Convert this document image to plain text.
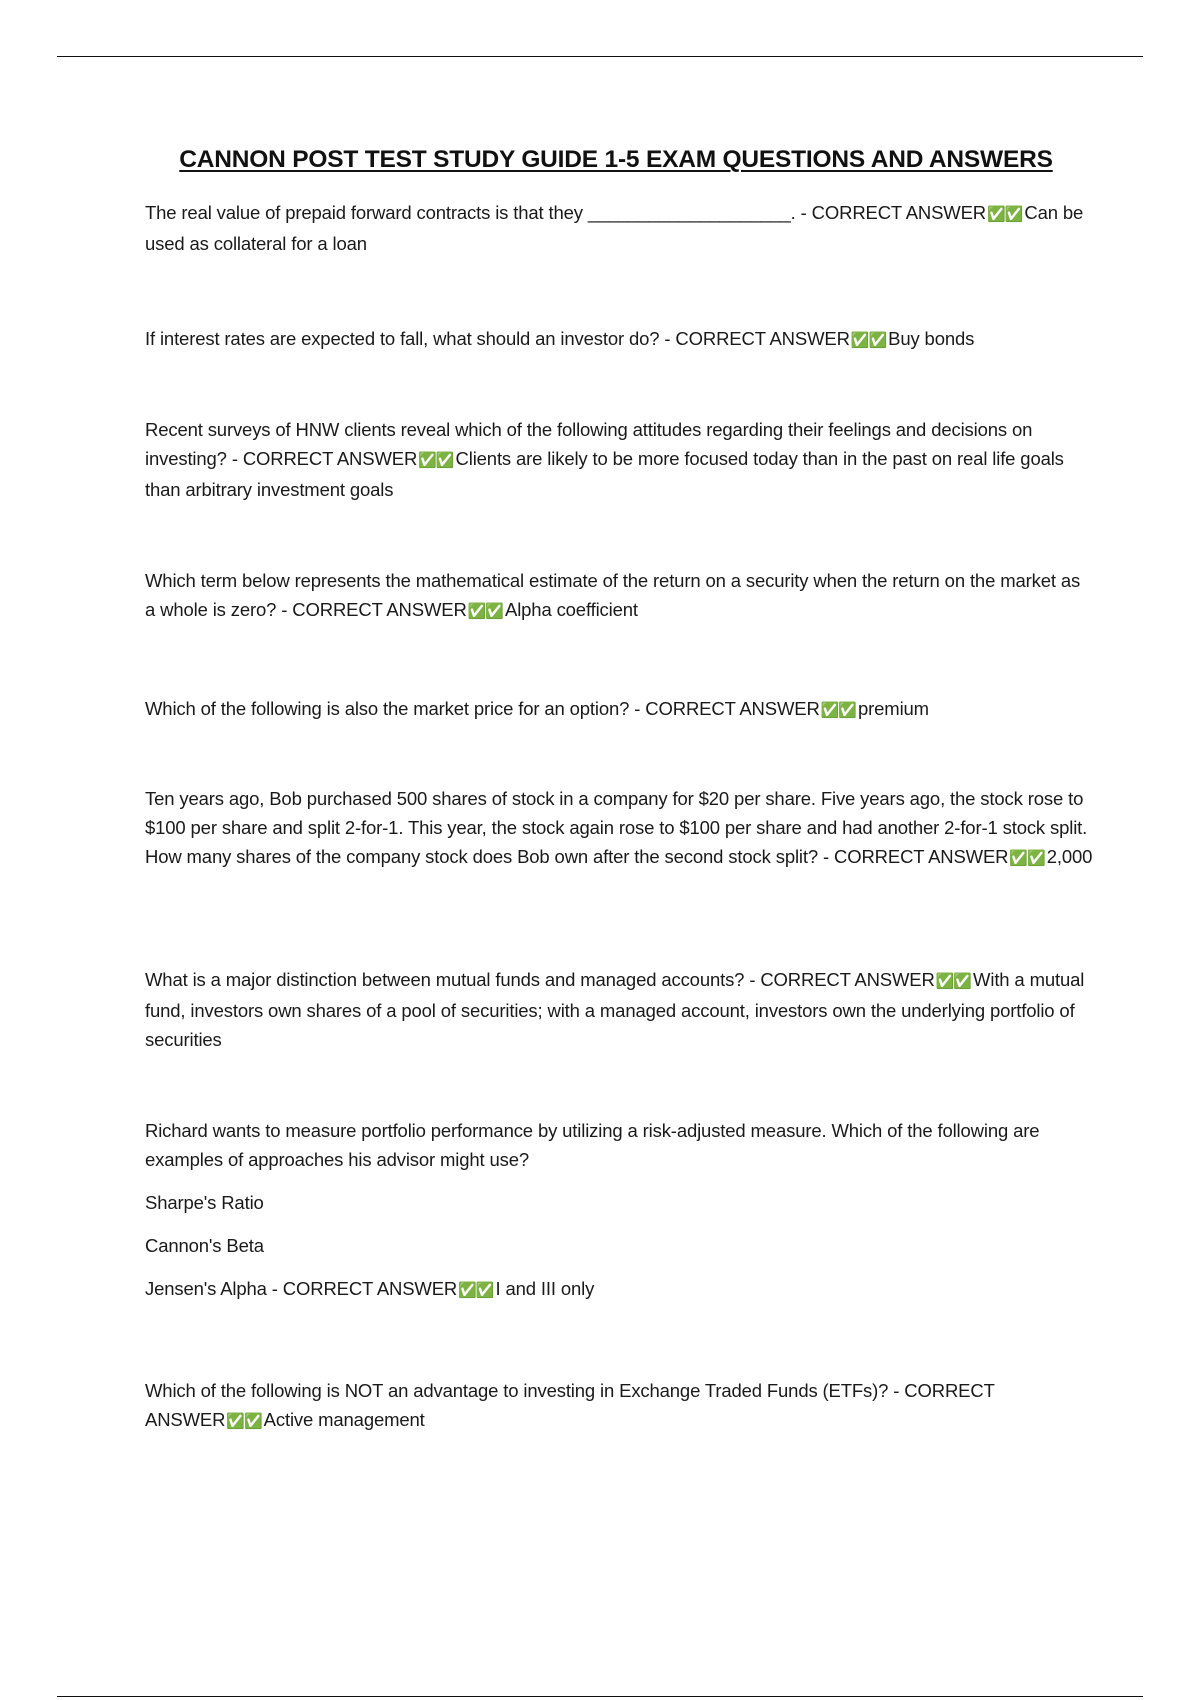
CANNON POST TEST STUDY GUIDE 1-5 EXAM QUESTIONS AND ANSWERS

The real value of prepaid forward contracts is that they ____________________. - CORRECT ANSWER✅✅ Can be used as collateral for a loan

If interest rates are expected to fall, what should an investor do? - CORRECT ANSWER✅✅ Buy bonds

Recent surveys of HNW clients reveal which of the following attitudes regarding their feelings and decisions on investing? - CORRECT ANSWER✅✅ Clients are likely to be more focused today than in the past on real life goals than arbitrary investment goals

Which term below represents the mathematical estimate of the return on a security when the return on the market as a whole is zero? - CORRECT ANSWER✅✅ Alpha coefficient

Which of the following is also the market price for an option? - CORRECT ANSWER✅✅ premium

Ten years ago, Bob purchased 500 shares of stock in a company for $20 per share. Five years ago, the stock rose to $100 per share and split 2-for-1. This year, the stock again rose to $100 per share and had another 2-for-1 stock split. How many shares of the company stock does Bob own after the second stock split? - CORRECT ANSWER✅✅ 2,000

What is a major distinction between mutual funds and managed accounts? - CORRECT ANSWER✅✅ With a mutual fund, investors own shares of a pool of securities; with a managed account, investors own the underlying portfolio of securities

Richard wants to measure portfolio performance by utilizing a risk-adjusted measure. Which of the following are examples of approaches his advisor might use?

Sharpe's Ratio

Cannon's Beta

Jensen's Alpha - CORRECT ANSWER✅✅ I and III only

Which of the following is NOT an advantage to investing in Exchange Traded Funds (ETFs)? - CORRECT ANSWER✅✅ Active management
